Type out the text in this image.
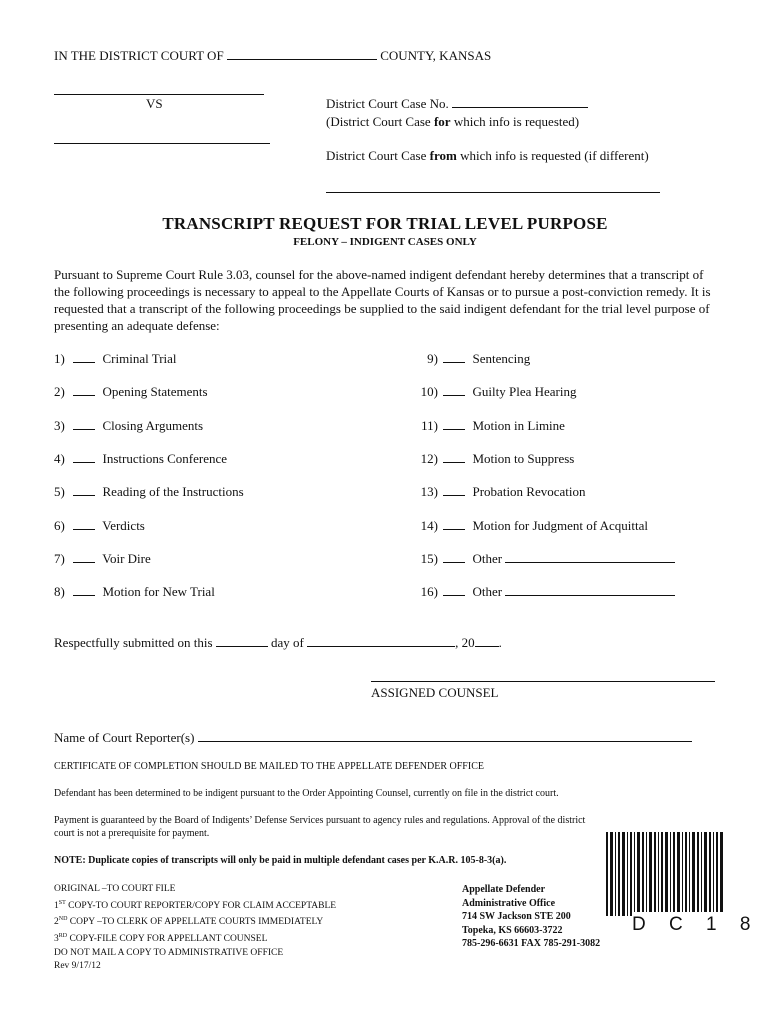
IN THE DISTRICT COURT OF	COUNTY, KANSAS
VS	District Court Case No.
(District Court Case for which info is requested)
District Court Case from which info is requested (if different)
TRANSCRIPT REQUEST FOR TRIAL LEVEL PURPOSE
FELONY – INDIGENT CASES ONLY
Pursuant to Supreme Court Rule 3.03, counsel for the above-named indigent defendant hereby determines that a transcript of the following proceedings is necessary to appeal to the Appellate Courts of Kansas or to pursue a post-conviction remedy. It is requested that a transcript of the following proceedings be supplied to the said indigent defendant for the trial level purpose of presenting an adequate defense:
1)	Criminal Trial
2)	Opening Statements
3)	Closing Arguments
4)	Instructions Conference
5)	Reading of the Instructions
6)	Verdicts
7)	Voir Dire
8)	Motion for New Trial
9)	Sentencing
10)	Guilty Plea Hearing
11)	Motion in Limine
12)	Motion to Suppress
13)	Probation Revocation
14)	Motion for Judgment of Acquittal
15)	Other
16)	Other
Respectfully submitted on this	day of	, 20 .
ASSIGNED COUNSEL
Name of Court Reporter(s)
CERTIFICATE OF COMPLETION SHOULD BE MAILED TO THE APPELLATE DEFENDER OFFICE
Defendant has been determined to be indigent pursuant to the Order Appointing Counsel, currently on file in the district court.
Payment is guaranteed by the Board of Indigents’ Defense Services pursuant to agency rules and regulations. Approval of the district
court is not a prerequisite for payment.
NOTE: Duplicate copies of transcripts will only be paid in multiple defendant cases per K.A.R. 105-8-3(a).
ORIGINAL –TO COURT FILE
1ST COPY-TO COURT REPORTER/COPY FOR CLAIM ACCEPTABLE
2ND COPY –TO CLERK OF APPELLATE COURTS IMMEDIATELY
3RD COPY-FILE COPY FOR APPELLANT COUNSEL
DO NOT MAIL A COPY TO ADMINISTRATIVE OFFICE
Rev 9/17/12
Appellate Defender
Administrative Office
714 SW Jackson STE 200
Topeka, KS 66603-3722
785-296-6631 FAX 785-291-3082
D C 1 8
